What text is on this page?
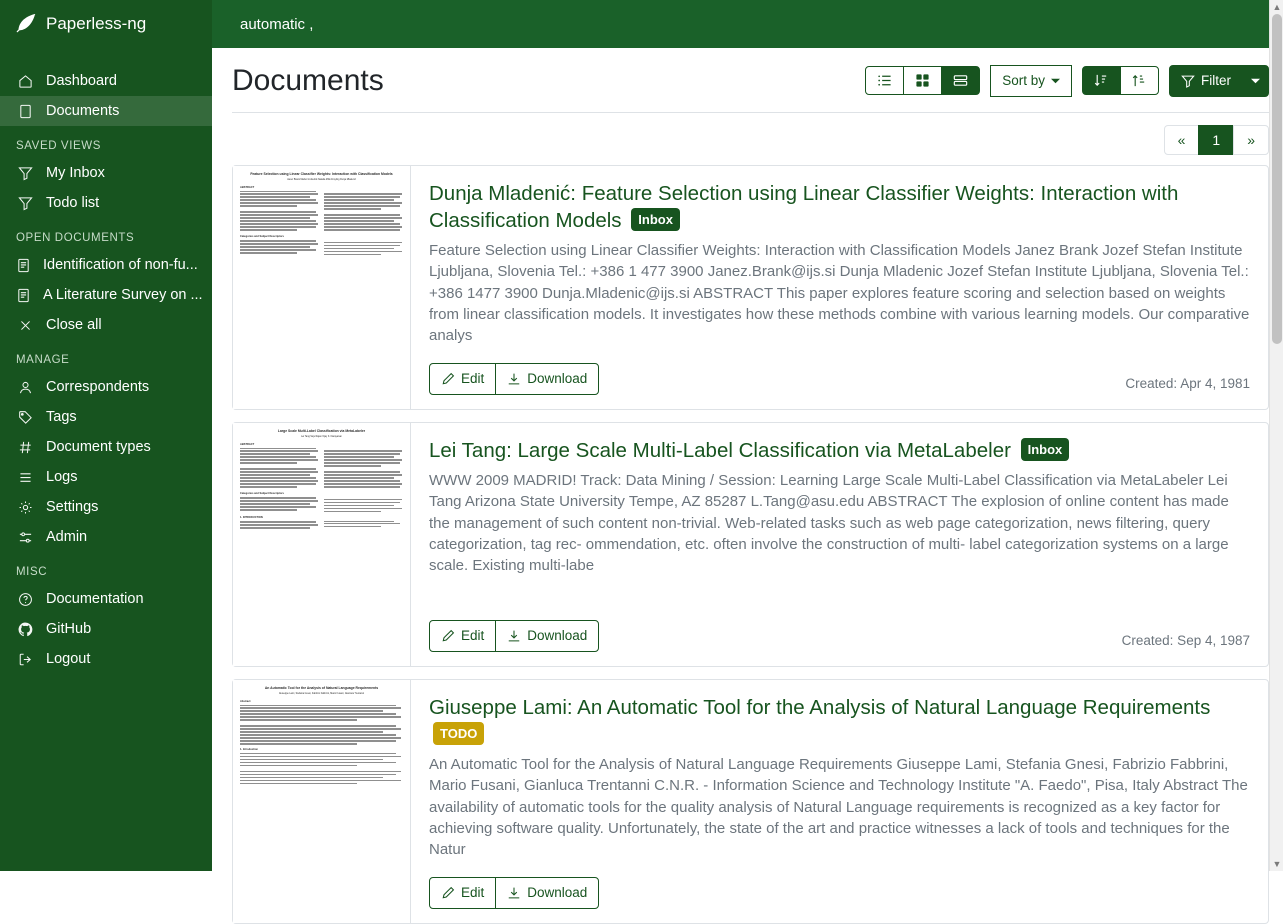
Paperless-ng
Dashboard
Documents
SAVED VIEWS
My Inbox
Todo list
OPEN DOCUMENTS
Identification of non-fu...
A Literature Survey on ...
Close all
MANAGE
Correspondents
Tags
Document types
Logs
Settings
Admin
MISC
Documentation
GitHub
Logout
automatic ,
Documents	Sort by	Filter
«	1	»
Feature Selection using Linear Classifier Weights: Interaction with Classification Models
Janez Brank Marko Grobelnik Nataša Milic-Frayling Dunja Mladenić
ABSTRACT
Categories and Subject Descriptors
Dunja Mladenić: Feature Selection using Linear Classifier Weights: Interaction with Classification Models Inbox

Feature Selection using Linear Classifier Weights: Interaction with Classification Models Janez Brank Jozef Stefan Institute Ljubljana, Slovenia Tel.: +386 1 477 3900 Janez.Brank@ijs.si Dunja Mladenic Jozef Stefan Institute Ljubljana, Slovenia Tel.: +386 1477 3900 Dunja.Mladenic@ijs.si ABSTRACT This paper explores feature scoring and selection based on weights from linear classification models. It investigates how these methods combine with various learning models. Our comparative analys

Edit	Download	Created: Apr 4, 1981
Large Scale Multi-Label Classification via MetaLabeler
Lei Tang Suju Rajan Vijay K. Narayanan
ABSTRACT
Categories and Subject Descriptors
1. INTRODUCTION
Lei Tang: Large Scale Multi-Label Classification via MetaLabeler Inbox

WWW 2009 MADRID! Track: Data Mining / Session: Learning Large Scale Multi-Label Classification via MetaLabeler Lei Tang Arizona State University Tempe, AZ 85287 L.Tang@asu.edu ABSTRACT The explosion of online content has made the management of such content non-trivial. Web-related tasks such as web page categorization, news filtering, query categorization, tag rec- ommendation, etc. often involve the construction of multi- label categorization systems on a large scale. Existing multi-labe

Edit	Download	Created: Sep 4, 1987
An Automatic Tool for the Analysis of Natural Language Requirements
Giuseppe Lami, Stefania Gnesi, Fabrizio Fabbrini, Mario Fusani, Gianluca Trentanni
Abstract
1. Introduction
Giuseppe Lami: An Automatic Tool for the Analysis of Natural Language Requirements
TODO

An Automatic Tool for the Analysis of Natural Language Requirements Giuseppe Lami, Stefania Gnesi, Fabrizio Fabbrini, Mario Fusani, Gianluca Trentanni C.N.R. - Information Science and Technology Institute "A. Faedo", Pisa, Italy Abstract The availability of automatic tools for the quality analysis of Natural Language requirements is recognized as a key factor for achieving software quality. Unfortunately, the state of the art and practice witnesses a lack of tools and techniques for the Natur

Edit	Download
▲
▼
